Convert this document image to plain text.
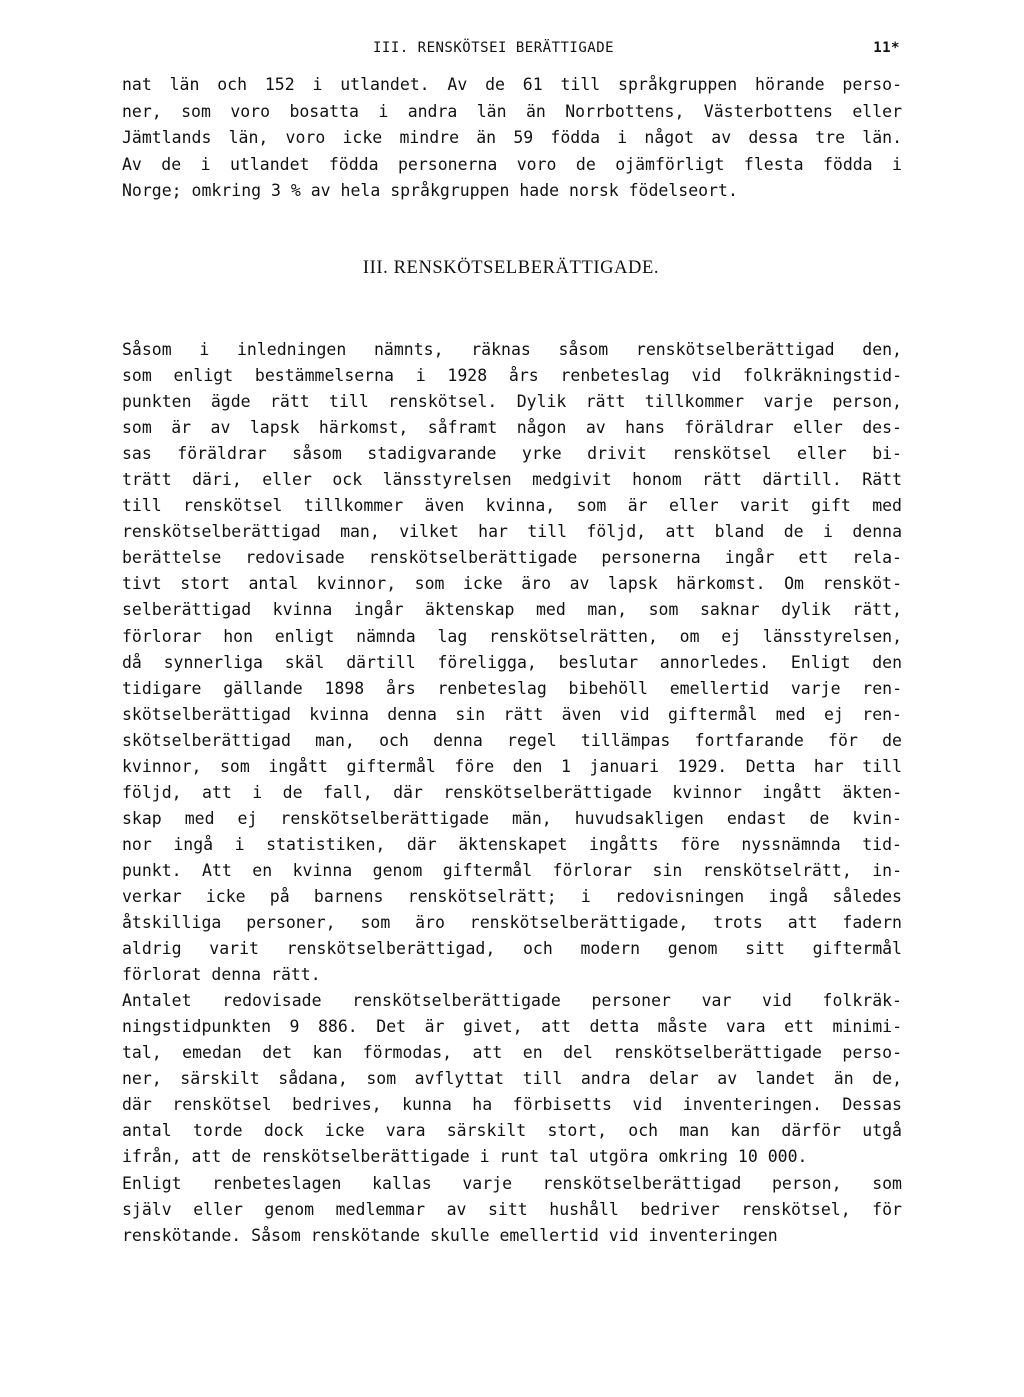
III. RENSKÖTSEI BERÄTTIGADE	11*
nat län och 152 i utlandet. Av de 61 till språkgruppen hörande perso-
ner, som voro bosatta i andra län än Norrbottens, Västerbottens eller
Jämtlands län, voro icke mindre än 59 födda i något av dessa tre län.
Av de i utlandet födda personerna voro de ojämförligt flesta födda i
Norge; omkring 3 % av hela språkgruppen hade norsk födelseort.
III. RENSKÖTSELBERÄTTIGADE.
Såsom i inledningen nämnts, räknas såsom renskötselberättigad den,
som enligt bestämmelserna i 1928 års renbeteslag vid folkräkningstid-
punkten ägde rätt till renskötsel. Dylik rätt tillkommer varje person,
som är av lapsk härkomst, såframt någon av hans föräldrar eller des-
sas föräldrar såsom stadigvarande yrke drivit renskötsel eller bi-
trätt däri, eller ock länsstyrelsen medgivit honom rätt därtill. Rätt
till renskötsel tillkommer även kvinna, som är eller varit gift med
renskötselberättigad man, vilket har till följd, att bland de i denna
berättelse redovisade renskötselberättigade personerna ingår ett rela-
tivt stort antal kvinnor, som icke äro av lapsk härkomst. Om rensköt-
selberättigad kvinna ingår äktenskap med man, som saknar dylik rätt,
förlorar hon enligt nämnda lag renskötselrätten, om ej länsstyrelsen,
då synnerliga skäl därtill föreligga, beslutar annorledes. Enligt den
tidigare gällande 1898 års renbeteslag bibehöll emellertid varje ren-
skötselberättigad kvinna denna sin rätt även vid giftermål med ej ren-
skötselberättigad man, och denna regel tillämpas fortfarande för de
kvinnor, som ingått giftermål före den 1 januari 1929. Detta har till
följd, att i de fall, där renskötselberättigade kvinnor ingått äkten-
skap med ej renskötselberättigade män, huvudsakligen endast de kvin-
nor ingå i statistiken, där äktenskapet ingåtts före nyssnämnda tid-
punkt. Att en kvinna genom giftermål förlorar sin renskötselrätt, in-
verkar icke på barnens renskötselrätt; i redovisningen ingå således
åtskilliga personer, som äro renskötselberättigade, trots att fadern
aldrig varit renskötselberättigad, och modern genom sitt giftermål
förlorat denna rätt.
Antalet redovisade renskötselberättigade personer var vid folkräk-
ningstidpunkten 9 886. Det är givet, att detta måste vara ett minimi-
tal, emedan det kan förmodas, att en del renskötselberättigade perso-
ner, särskilt sådana, som avflyttat till andra delar av landet än de,
där renskötsel bedrives, kunna ha förbisetts vid inventeringen. Dessas
antal torde dock icke vara särskilt stort, och man kan därför utgå
ifrån, att de renskötselberättigade i runt tal utgöra omkring 10 000.
Enligt renbeteslagen kallas varje renskötselberättigad person, som
själv eller genom medlemmar av sitt hushåll bedriver renskötsel, för
renskötande. Såsom renskötande skulle emellertid vid inventeringen
